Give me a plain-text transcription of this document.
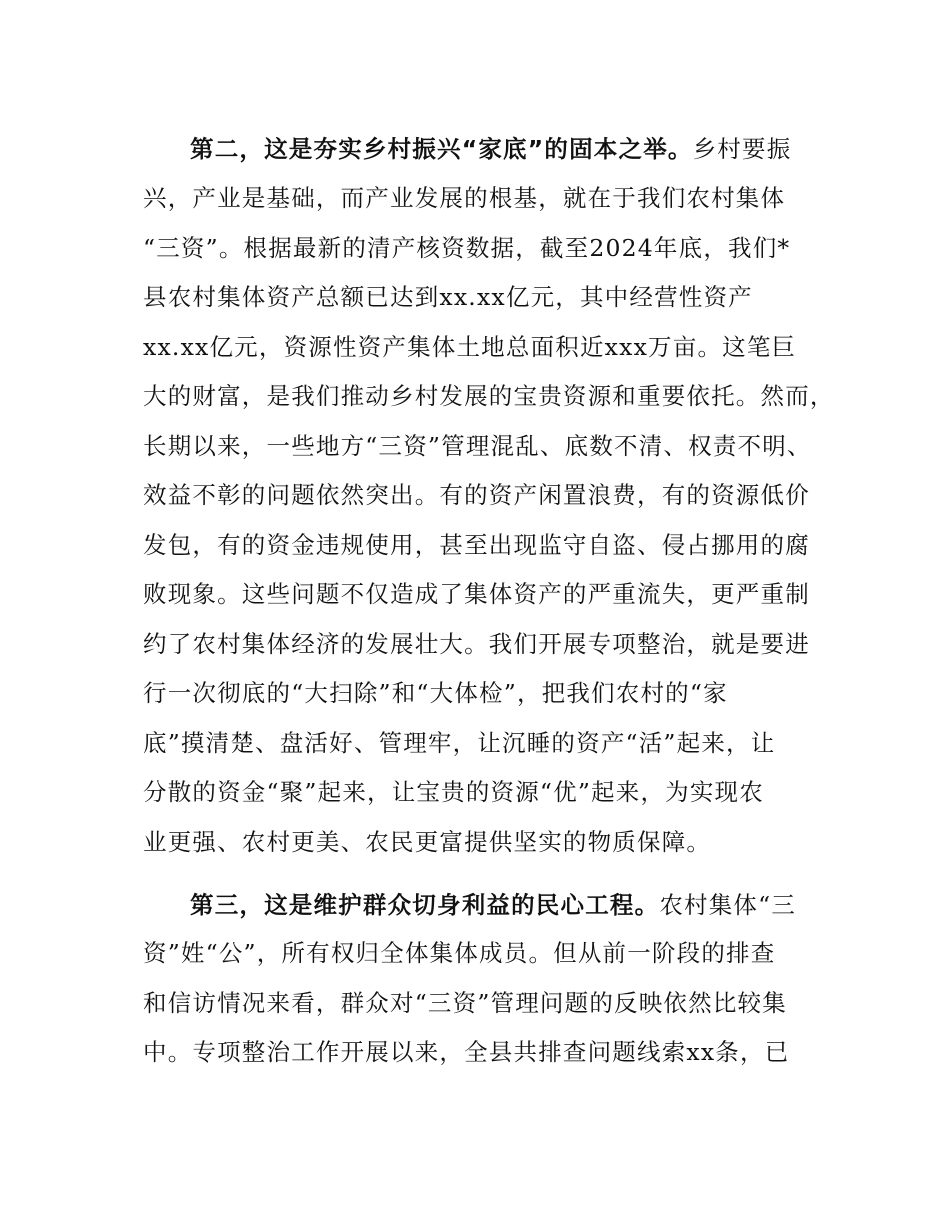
第二，这是夯实乡村振兴“家底”的固本之举。乡村要振
兴，产业是基础，而产业发展的根基，就在于我们农村集体
“三资”。根据最新的清产核资数据，截至2024年底，我们*
县农村集体资产总额已达到xx.xx亿元，其中经营性资产
xx.xx亿元，资源性资产集体土地总面积近xxx万亩。这笔巨
大的财富，是我们推动乡村发展的宝贵资源和重要依托。然而，
长期以来，一些地方“三资”管理混乱、底数不清、权责不明、
效益不彰的问题依然突出。有的资产闲置浪费，有的资源低价
发包，有的资金违规使用，甚至出现监守自盗、侵占挪用的腐
败现象。这些问题不仅造成了集体资产的严重流失，更严重制
约了农村集体经济的发展壮大。我们开展专项整治，就是要进
行一次彻底的“大扫除”和“大体检”，把我们农村的“家
底”摸清楚、盘活好、管理牢，让沉睡的资产“活”起来，让
分散的资金“聚”起来，让宝贵的资源“优”起来，为实现农
业更强、农村更美、农民更富提供坚实的物质保障。
第三，这是维护群众切身利益的民心工程。农村集体“三
资”姓“公”，所有权归全体集体成员。但从前一阶段的排查
和信访情况来看，群众对“三资”管理问题的反映依然比较集
中。专项整治工作开展以来，全县共排查问题线索xx条，已
